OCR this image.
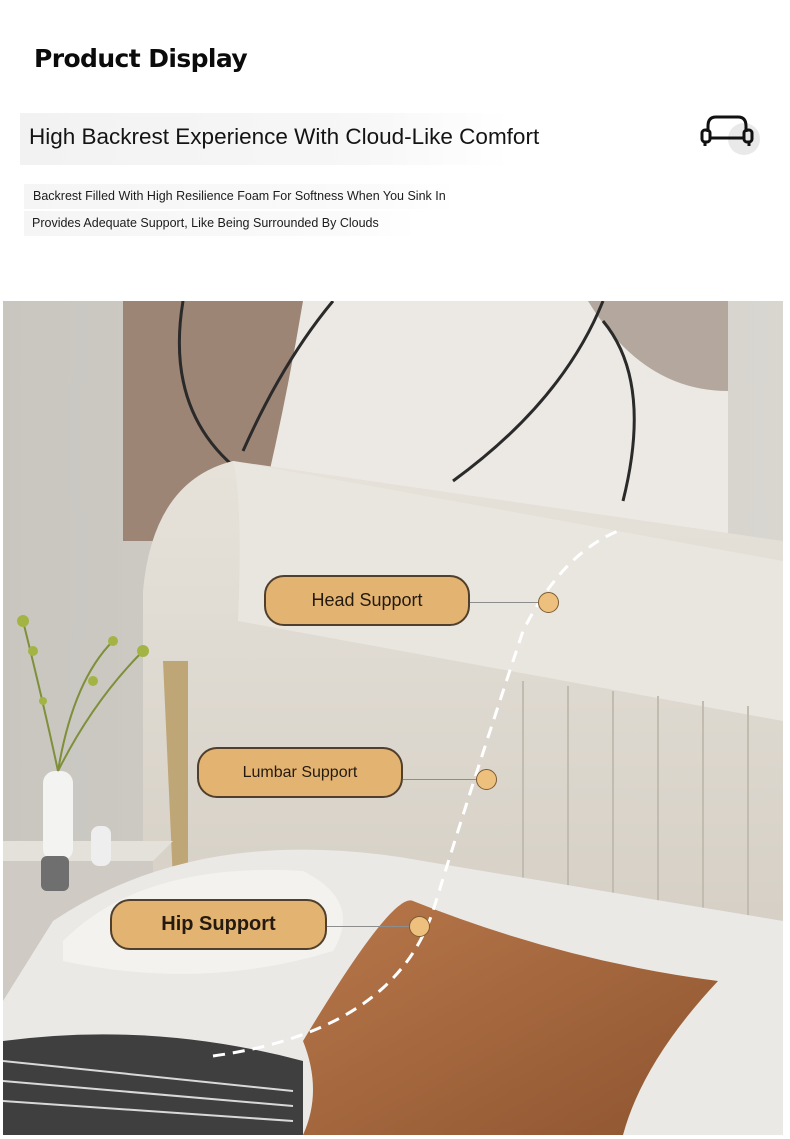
Product Display
High Backrest Experience With Cloud-Like Comfort
Backrest Filled With High Resilience Foam For Softness When You Sink In
Provides Adequate Support, Like Being Surrounded By Clouds
Head Support
Lumbar Support
Hip Support
